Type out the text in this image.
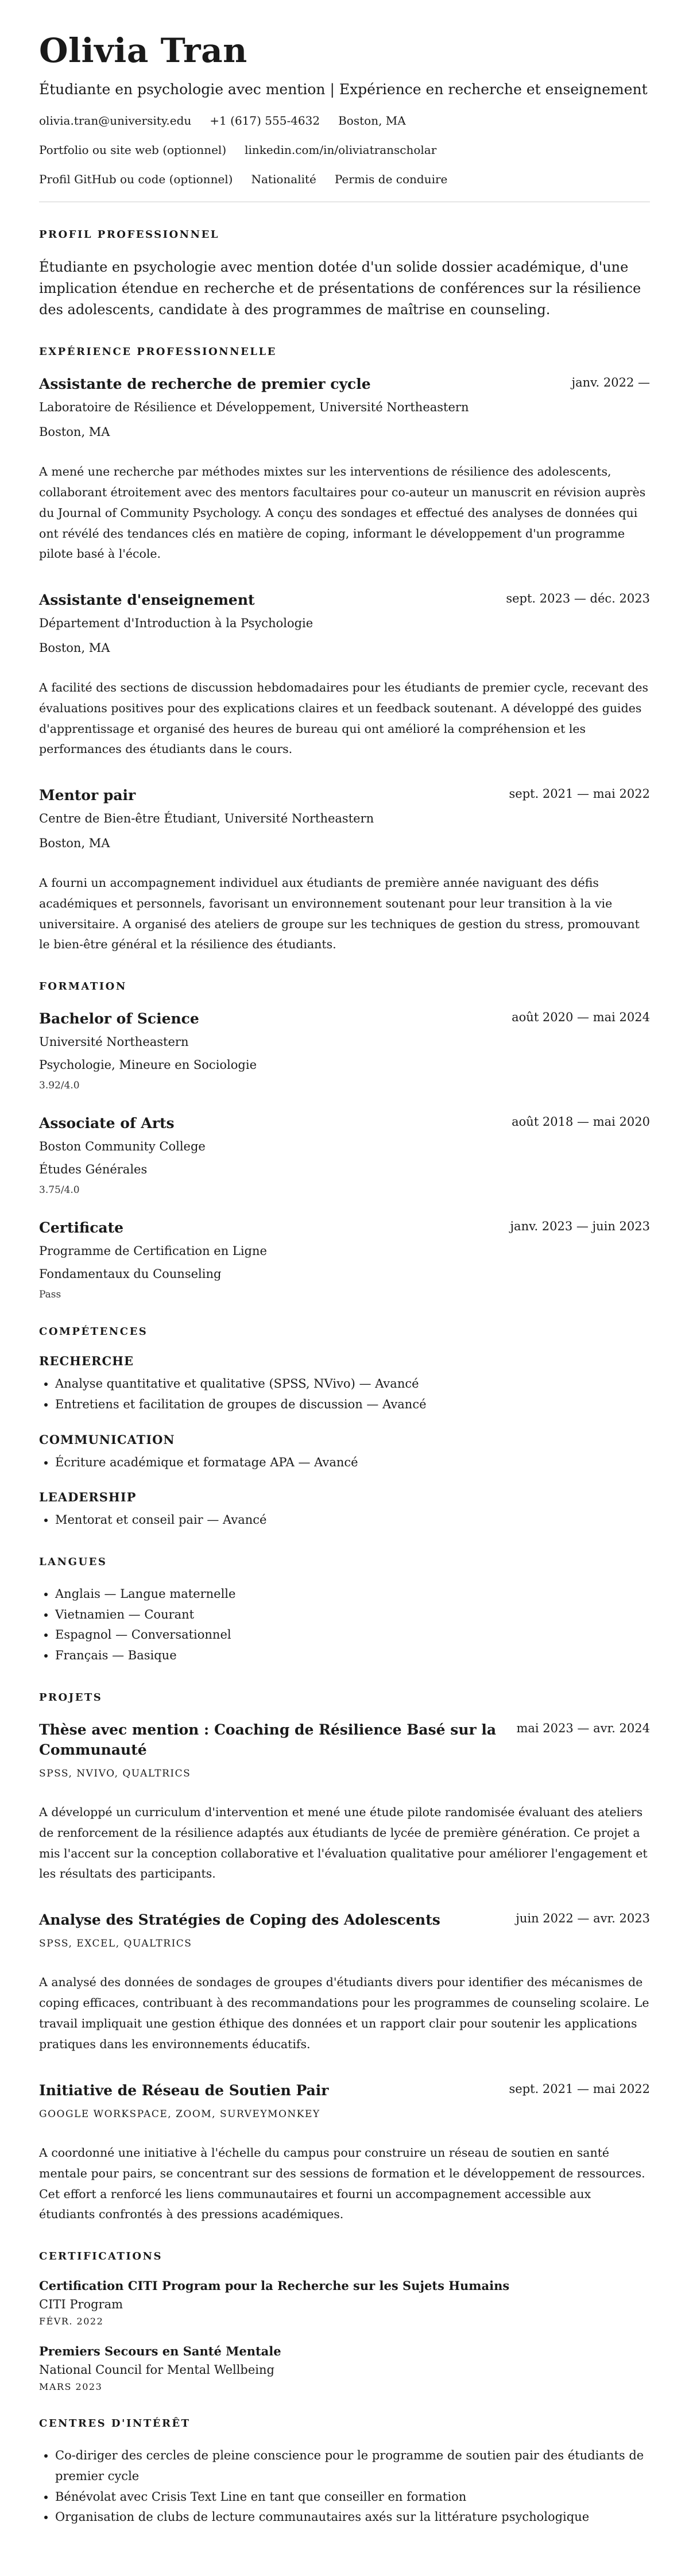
Olivia Tran
Étudiante en psychologie avec mention | Expérience en recherche et enseignement
olivia.tran@university.edu +1 (617) 555-4632 Boston, MA
Portfolio ou site web (optionnel) linkedin.com/in/oliviatranscholar
Profil GitHub ou code (optionnel) Nationalité Permis de conduire
PROFIL PROFESSIONNEL

Étudiante en psychologie avec mention dotée d'un solide dossier académique, d'une implication étendue en recherche et de présentations de conférences sur la résilience des adolescents, candidate à des programmes de maîtrise en counseling.

EXPÉRIENCE PROFESSIONNELLE
Assistante de recherche de premier cycle	janv. 2022 —
Laboratoire de Résilience et Développement, Université Northeastern
Boston, MA

A mené une recherche par méthodes mixtes sur les interventions de résilience des adolescents, collaborant étroitement avec des mentors facultaires pour co-auteur un manuscrit en révision auprès du Journal of Community Psychology. A conçu des sondages et effectué des analyses de données qui ont révélé des tendances clés en matière de coping, informant le développement d'un programme pilote basé à l'école.

Assistante d'enseignement	sept. 2023 — déc. 2023
Département d'Introduction à la Psychologie
Boston, MA

A facilité des sections de discussion hebdomadaires pour les étudiants de premier cycle, recevant des évaluations positives pour des explications claires et un feedback soutenant. A développé des guides d'apprentissage et organisé des heures de bureau qui ont amélioré la compréhension et les performances des étudiants dans le cours.

Mentor pair	sept. 2021 — mai 2022
Centre de Bien-être Étudiant, Université Northeastern
Boston, MA

A fourni un accompagnement individuel aux étudiants de première année naviguant des défis académiques et personnels, favorisant un environnement soutenant pour leur transition à la vie universitaire. A organisé des ateliers de groupe sur les techniques de gestion du stress, promouvant le bien-être général et la résilience des étudiants.

FORMATION
Bachelor of Science	août 2020 — mai 2024
Université Northeastern
Psychologie, Mineure en Sociologie
3.92/4.0
Associate of Arts	août 2018 — mai 2020
Boston Community College
Études Générales
3.75/4.0
Certificate	janv. 2023 — juin 2023
Programme de Certification en Ligne
Fondamentaux du Counseling
Pass
COMPÉTENCES
RECHERCHE
• Analyse quantitative et qualitative (SPSS, NVivo) — Avancé
• Entretiens et facilitation de groupes de discussion — Avancé
COMMUNICATION
• Écriture académique et formatage APA — Avancé
LEADERSHIP
• Mentorat et conseil pair — Avancé
LANGUES
• Anglais — Langue maternelle
• Vietnamien — Courant
• Espagnol — Conversationnel
• Français — Basique
PROJETS
Thèse avec mention : Coaching de Résilience Basé sur la Communauté
mai 2023 — avr. 2024
SPSS, NVIVO, QUALTRICS

A développé un curriculum d'intervention et mené une étude pilote randomisée évaluant des ateliers de renforcement de la résilience adaptés aux étudiants de lycée de première génération. Ce projet a mis l'accent sur la conception collaborative et l'évaluation qualitative pour améliorer l'engagement et les résultats des participants.

Analyse des Stratégies de Coping des Adolescents	juin 2022 — avr. 2023
SPSS, EXCEL, QUALTRICS

A analysé des données de sondages de groupes d'étudiants divers pour identifier des mécanismes de coping efficaces, contribuant à des recommandations pour les programmes de counseling scolaire. Le travail impliquait une gestion éthique des données et un rapport clair pour soutenir les applications pratiques dans les environnements éducatifs.

Initiative de Réseau de Soutien Pair	sept. 2021 — mai 2022
GOOGLE WORKSPACE, ZOOM, SURVEYMONKEY

A coordonné une initiative à l'échelle du campus pour construire un réseau de soutien en santé mentale pour pairs, se concentrant sur des sessions de formation et le développement de ressources. Cet effort a renforcé les liens communautaires et fourni un accompagnement accessible aux étudiants confrontés à des pressions académiques.

CERTIFICATIONS
Certification CITI Program pour la Recherche sur les Sujets Humains
CITI Program
FÉVR. 2022
Premiers Secours en Santé Mentale
National Council for Mental Wellbeing
MARS 2023
CENTRES D'INTÉRÊT
• Co-diriger des cercles de pleine conscience pour le programme de soutien pair des étudiants de premier cycle
• Bénévolat avec Crisis Text Line en tant que conseiller en formation
• Organisation de clubs de lecture communautaires axés sur la littérature psychologique
